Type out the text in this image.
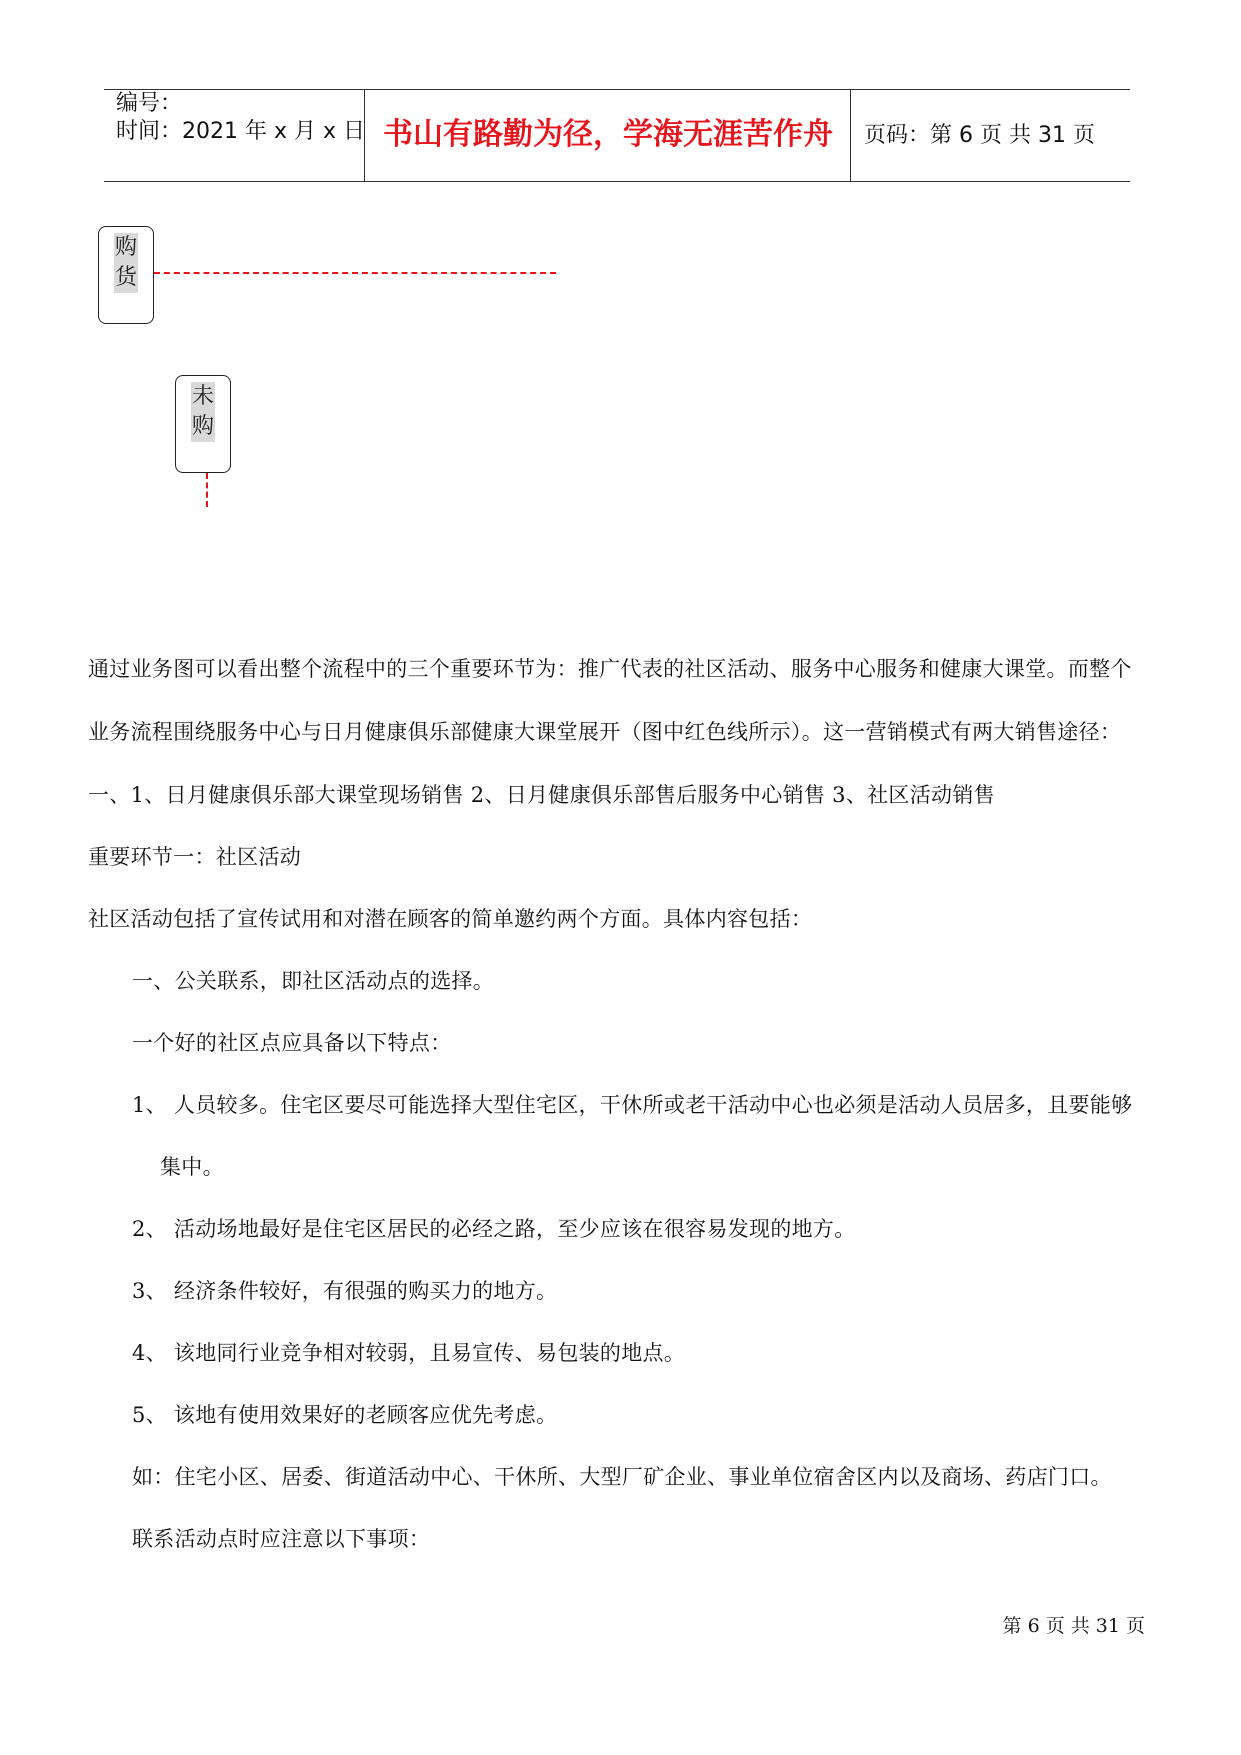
编号：
时间：2021 年 x 月 x 日 书山有路勤为径，学海无涯苦作舟	页码：第 6 页 共 31 页
购
货
未
购
通过业务图可以看出整个流程中的三个重要环节为：推广代表的社区活动、服务中心服务和健康大课堂。而整个
业务流程围绕服务中心与日月健康俱乐部健康大课堂展开（图中红色线所示）。这一营销模式有两大销售途径：
一、1、日月健康俱乐部大课堂现场销售 2、日月健康俱乐部售后服务中心销售 3、社区活动销售
重要环节一：社区活动
社区活动包括了宣传试用和对潜在顾客的简单邀约两个方面。具体内容包括：
一、公关联系，即社区活动点的选择。
一个好的社区点应具备以下特点：
1、 人员较多。住宅区要尽可能选择大型住宅区，干休所或老干活动中心也必须是活动人员居多，且要能够
集中。
2、 活动场地最好是住宅区居民的必经之路，至少应该在很容易发现的地方。
3、 经济条件较好，有很强的购买力的地方。
4、 该地同行业竞争相对较弱，且易宣传、易包装的地点。
5、 该地有使用效果好的老顾客应优先考虑。
如：住宅小区、居委、街道活动中心、干休所、大型厂矿企业、事业单位宿舍区内以及商场、药店门口。
联系活动点时应注意以下事项：
第 6 页 共 31 页
